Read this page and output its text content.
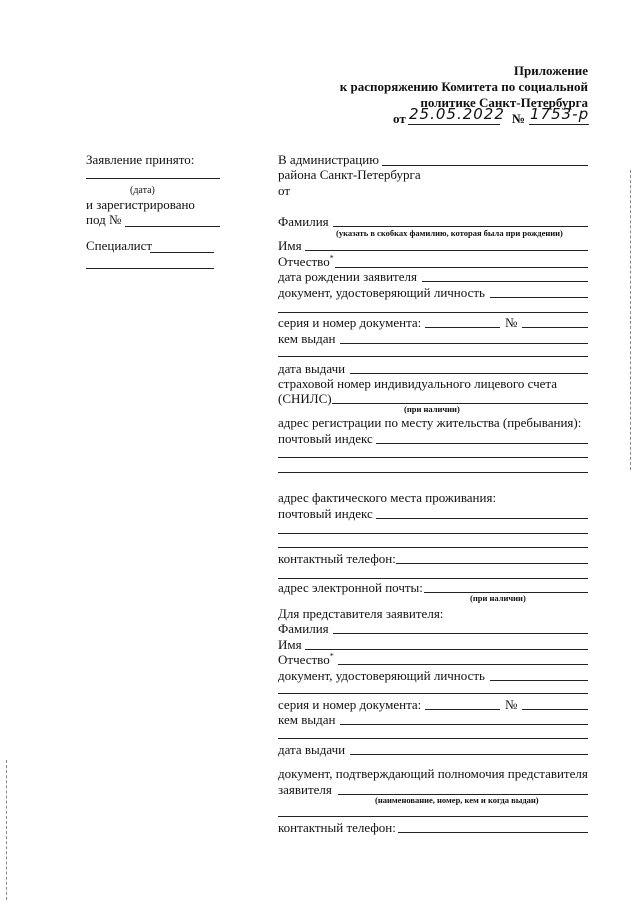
Приложение
к распоряжению Комитета по социальной
политике Санкт-Петербурга
от 25.05.2022 № 1753-р
Заявление принято:
(дата)
и зарегистрировано
под №
Специалист
В администрацию
района Санкт-Петербурга
от
Фамилия
(указать в скобках фамилию, которая была при рождении)
Имя
Отчество*
дата рождении заявителя
документ, удостоверяющий личность
серия и номер документа:	№
кем выдан
дата выдачи
страховой номер индивидуального лицевого счета
(СНИЛС)
(при наличии)
адрес регистрации по месту жительства (пребывания):
почтовый индекс
адрес фактического места проживания:
почтовый индекс
контактный телефон:
адрес электронной почты:
(при наличии)
Для представителя заявителя:
Фамилия
Имя
Отчество*
документ, удостоверяющий личность
серия и номер документа:	№
кем выдан
дата выдачи
документ, подтверждающий полномочия представителя
заявителя
(наименование, номер, кем и когда выдан)
контактный телефон:
